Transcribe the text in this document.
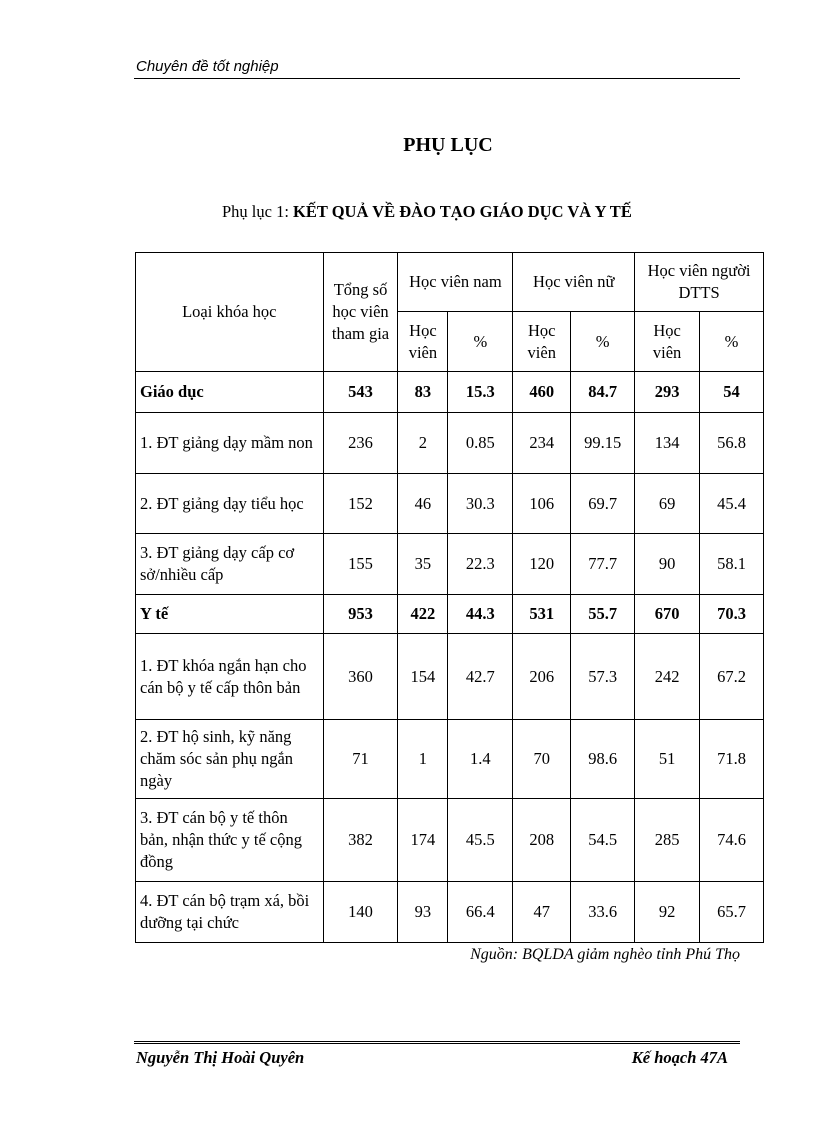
Chuyên đề tốt nghiệp
PHỤ LỤC
Phụ lục 1: KẾT QUẢ VỀ ĐÀO TẠO GIÁO DỤC VÀ Y TẾ
Loại khóa học	Tổng số học viên tham gia	Học viên nam		Học viên nữ		Học viên người DTTS	
		Học viên	%	Học viên	%	Học viên	%
Giáo dục	543	83	15.3	460	84.7	293	54
1. ĐT giảng dạy mầm non	236	2	0.85	234	99.15	134	56.8
2. ĐT giảng dạy tiểu học	152	46	30.3	106	69.7	69	45.4
3. ĐT giảng dạy cấp cơ sở/nhiều cấp	155	35	22.3	120	77.7	90	58.1
Y tế	953	422	44.3	531	55.7	670	70.3
1. ĐT khóa ngắn hạn cho cán bộ y tế cấp thôn bản	360	154	42.7	206	57.3	242	67.2
2. ĐT hộ sinh, kỹ năng chăm sóc sản phụ ngắn ngày	71	1	1.4	70	98.6	51	71.8
3. ĐT cán bộ y tế thôn bản, nhận thức y tế cộng đồng	382	174	45.5	208	54.5	285	74.6
4. ĐT cán bộ trạm xá, bồi dưỡng tại chức	140	93	66.4	47	33.6	92	65.7
Nguồn: BQLDA giảm nghèo tỉnh Phú Thọ
Nguyễn Thị Hoài Quyên	Kế hoạch 47A
